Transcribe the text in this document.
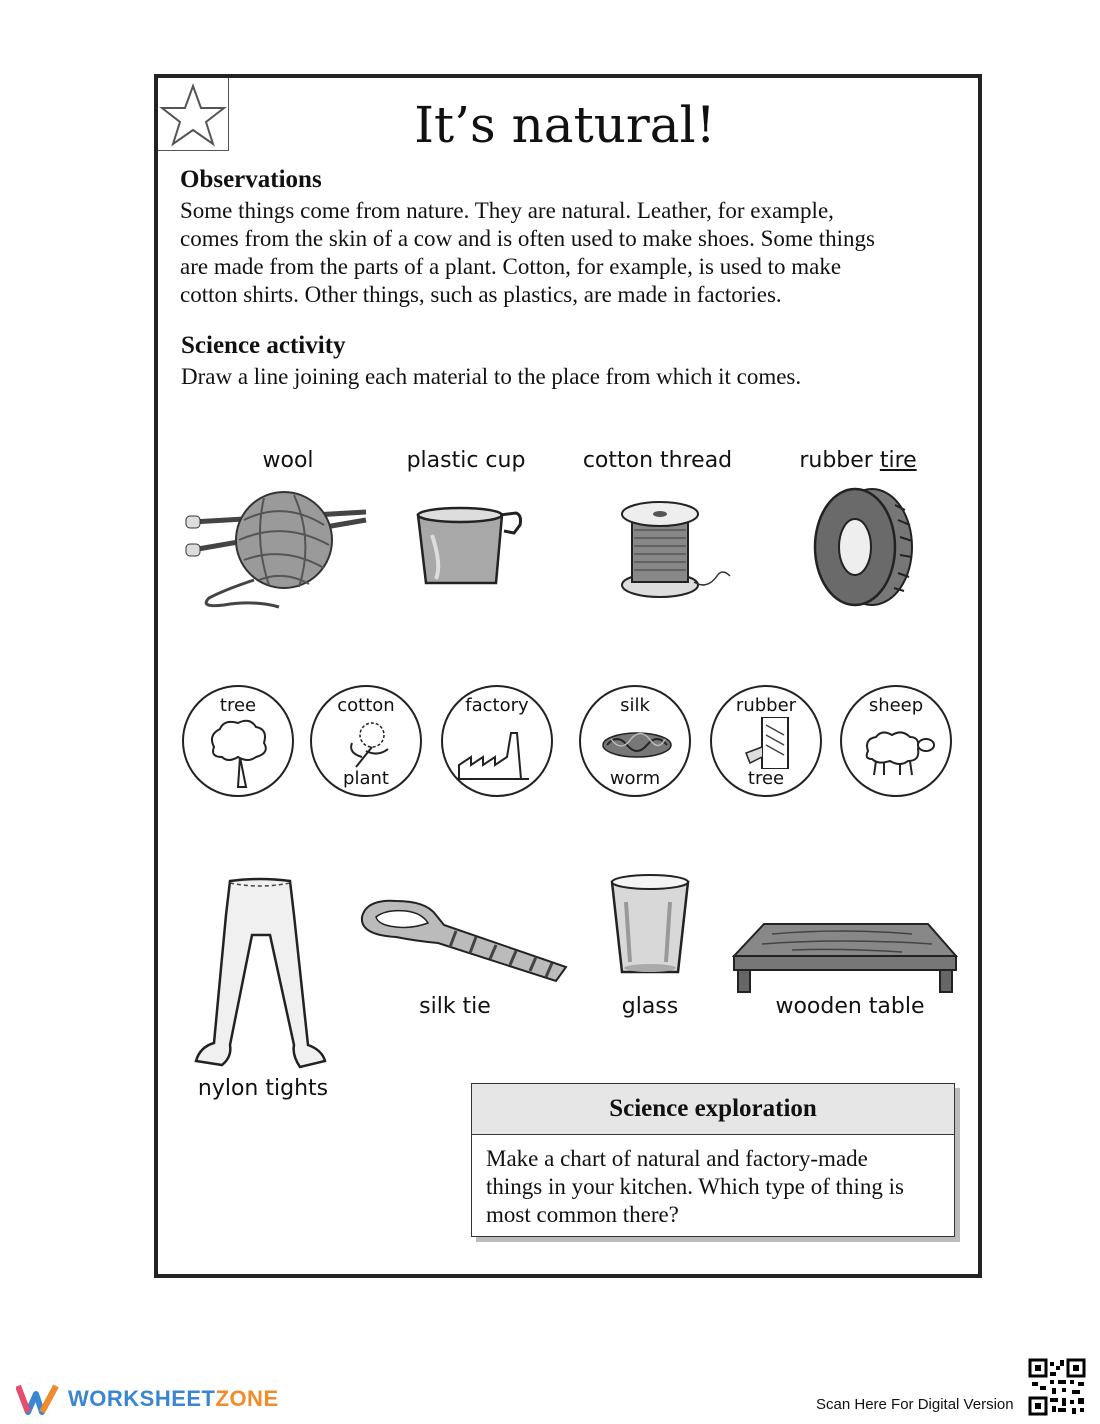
It’s natural!
Observations
Some things come from nature. They are natural. Leather, for example,
comes from the skin of a cow and is often used to make shoes. Some things
are made from the parts of a plant. Cotton, for example, is used to make
cotton shirts. Other things, such as plastics, are made in factories.
Science activity
Draw a line joining each material to the place from which it comes.
wool	plastic cup	cotton thread	rubber tire
tree	cotton
plant
factory	silk
worm
rubber
tree
sheep
nylon tights
silk tie	glass	wooden table
Science exploration
Make a chart of natural and factory-made
things in your kitchen. Which type of thing is
most common there?
WORKSHEETZONE	Scan Here For Digital Version
